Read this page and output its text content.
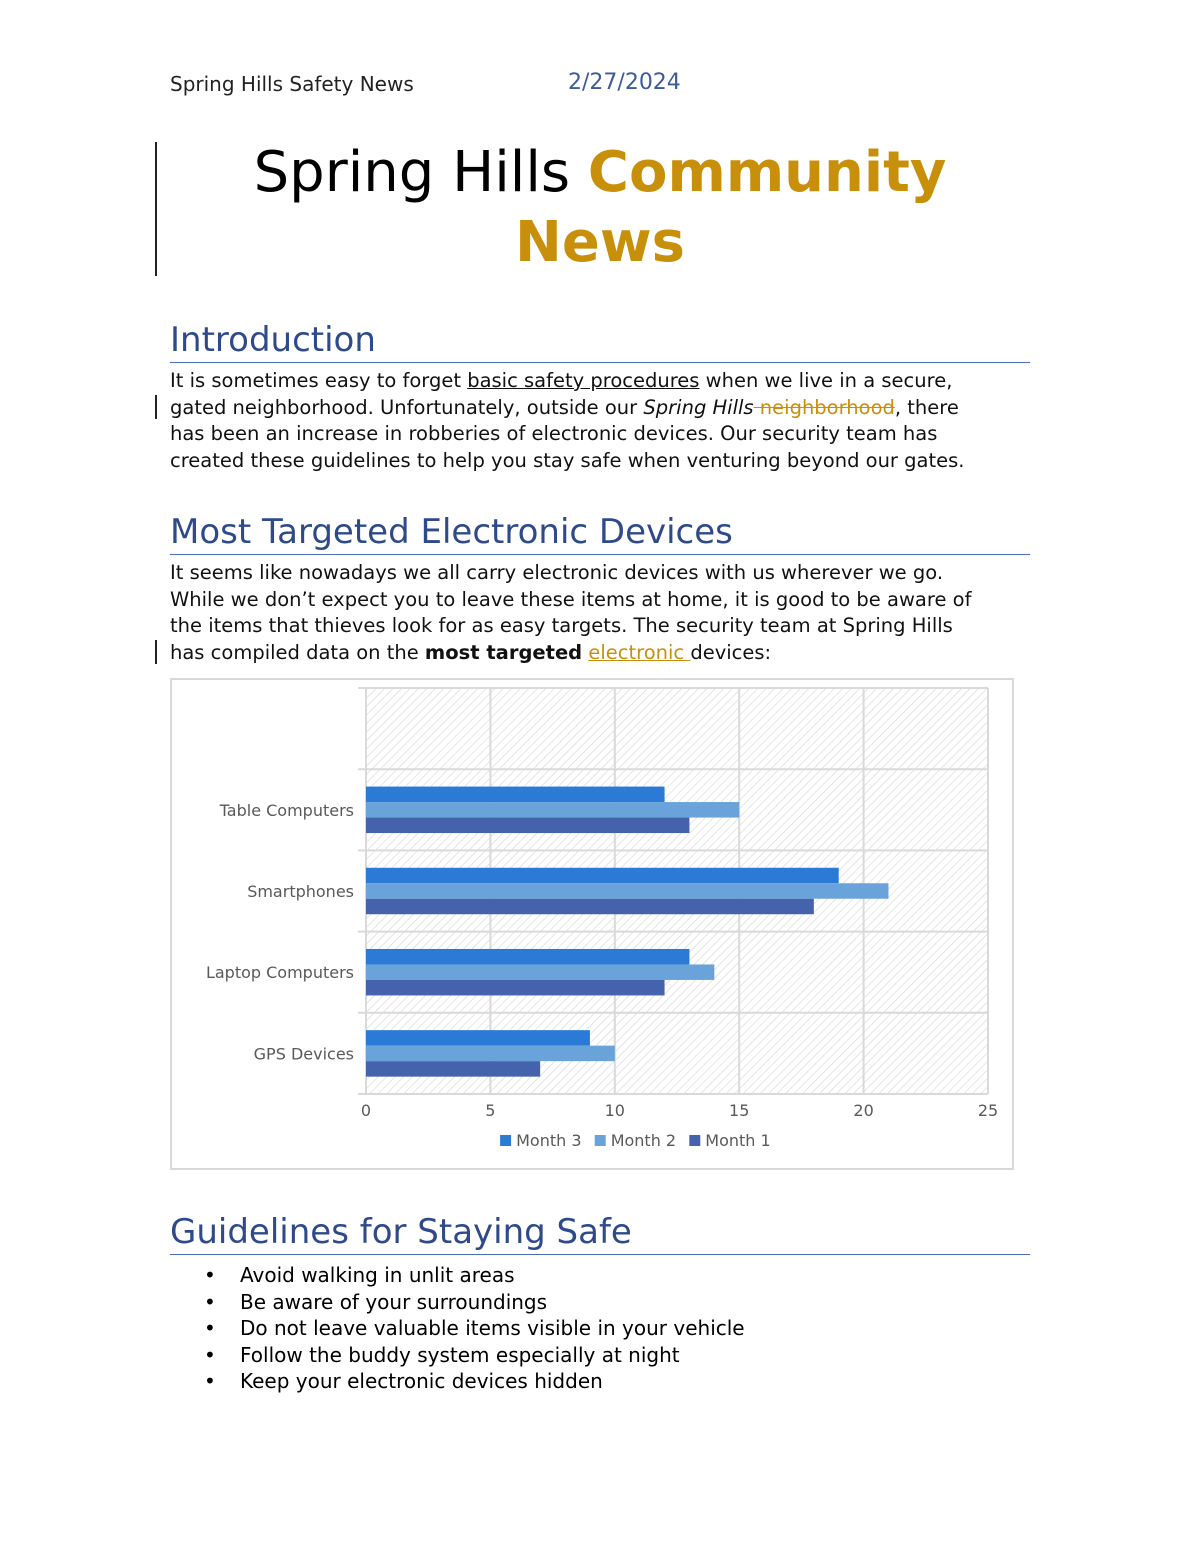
Spring Hills Safety News	2/27/2024
Spring Hills Community
News
Introduction
It is sometimes easy to forget basic safety procedures when we live in a secure,
gated neighborhood. Unfortunately, outside our Spring Hills neighborhood, there
has been an increase in robberies of electronic devices. Our security team has
created these guidelines to help you stay safe when venturing beyond our gates.
Most Targeted Electronic Devices
It seems like nowadays we all carry electronic devices with us wherever we go.
While we don’t expect you to leave these items at home, it is good to be aware of
the items that thieves look for as easy targets. The security team at Spring Hills
has compiled data on the most targeted electronic devices:
0	5	10	15	20	25
GPS Devices
Laptop Computers
Smartphones
Table Computers
Month 3 Month 2 Month 1
Guidelines for Staying Safe
• Avoid walking in unlit areas
• Be aware of your surroundings
• Do not leave valuable items visible in your vehicle
• Follow the buddy system especially at night
• Keep your electronic devices hidden
